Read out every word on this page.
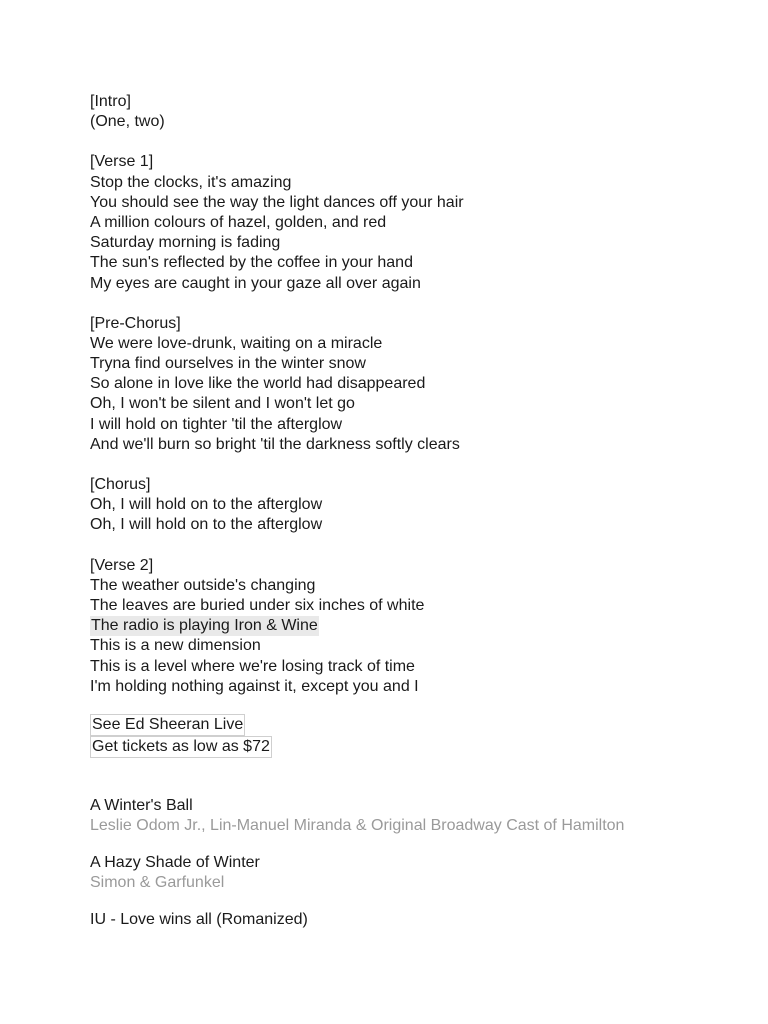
[Intro]
(One, two)
[Verse 1]
Stop the clocks, it's amazing
You should see the way the light dances off your hair
A million colours of hazel, golden, and red
Saturday morning is fading
The sun's reflected by the coffee in your hand
My eyes are caught in your gaze all over again
[Pre-Chorus]
We were love-drunk, waiting on a miracle
Tryna find ourselves in the winter snow
So alone in love like the world had disappeared
Oh, I won't be silent and I won't let go
I will hold on tighter 'til the afterglow
And we'll burn so bright 'til the darkness softly clears
[Chorus]
Oh, I will hold on to the afterglow
Oh, I will hold on to the afterglow
[Verse 2]
The weather outside's changing
The leaves are buried under six inches of white
The radio is playing Iron & Wine
This is a new dimension
This is a level where we're losing track of time
I'm holding nothing against it, except you and I
See Ed Sheeran Live
Get tickets as low as $72
A Winter's Ball
Leslie Odom Jr., Lin-Manuel Miranda & Original Broadway Cast of Hamilton
A Hazy Shade of Winter
Simon & Garfunkel
IU - Love wins all (Romanized)
